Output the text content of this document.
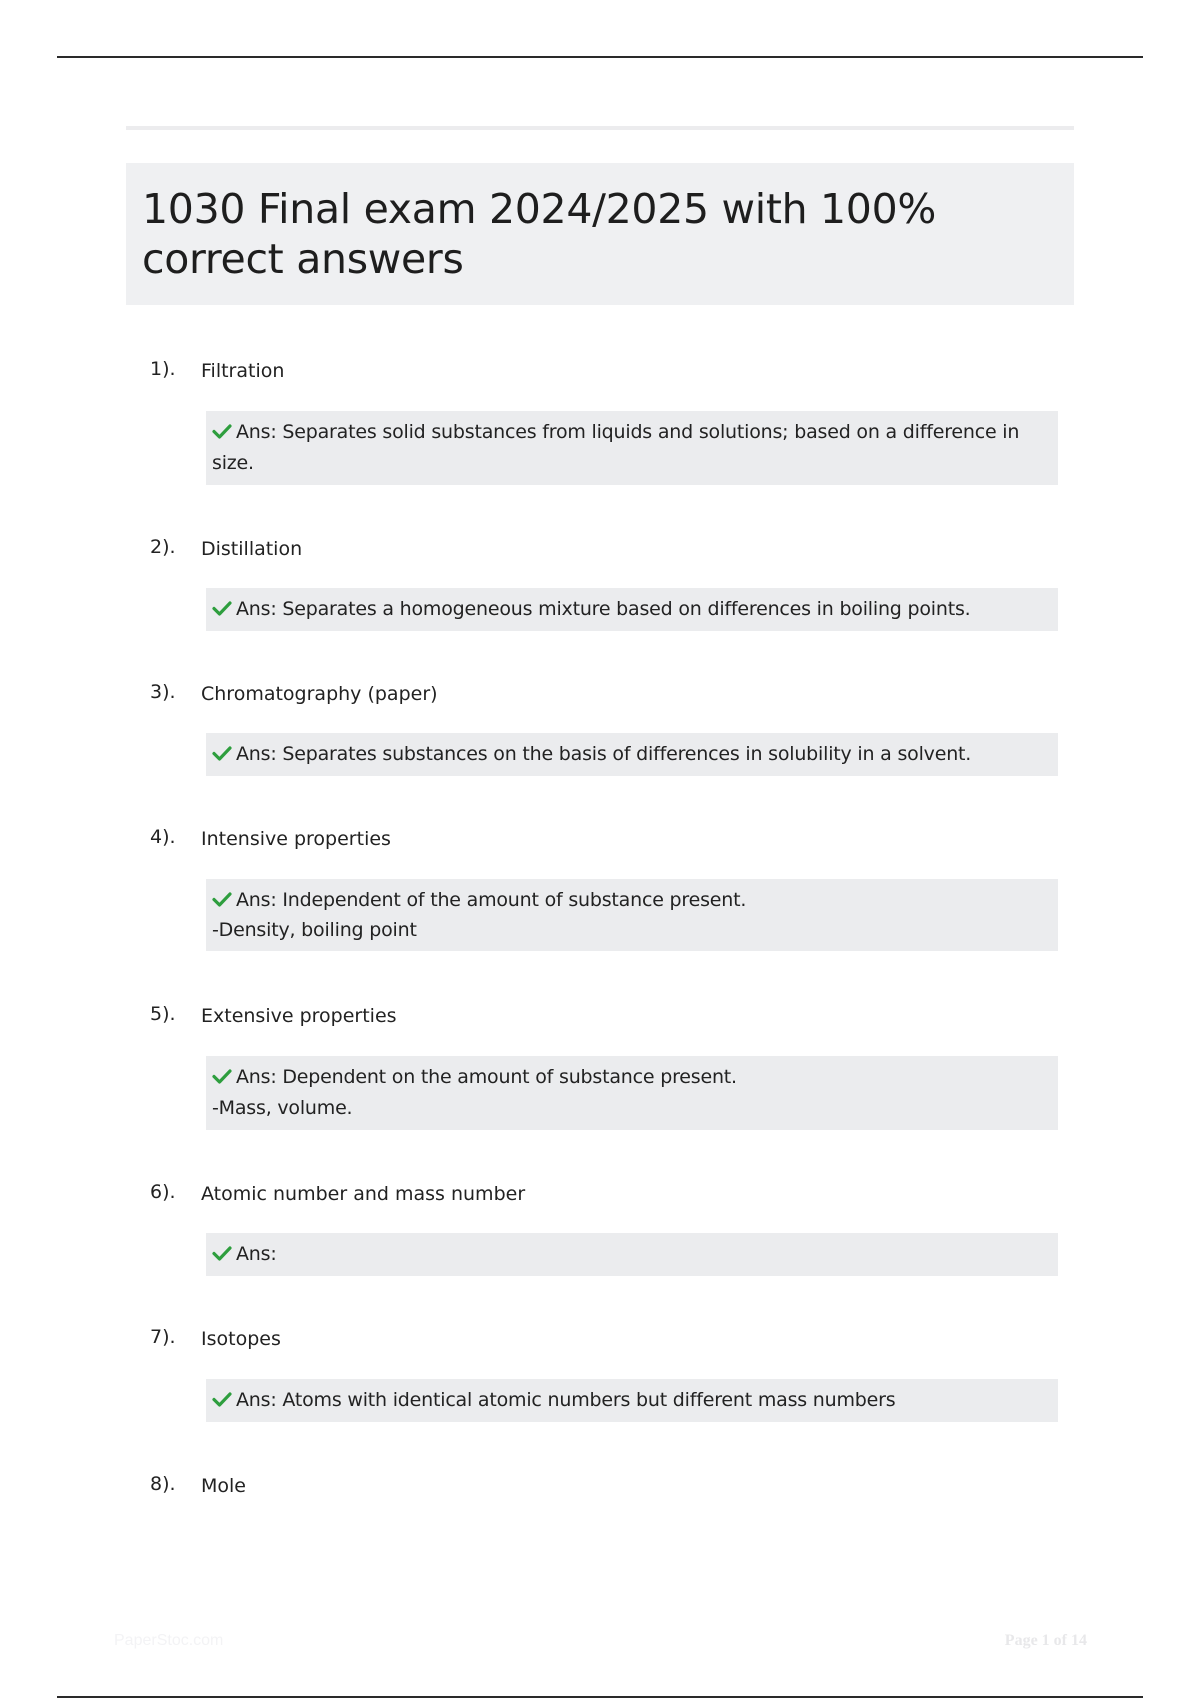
1030 Final exam 2024/2025 with 100% correct answers
1). Filtration
Ans: Separates solid substances from liquids and solutions; based on a difference in
size.
2). Distillation
Ans: Separates a homogeneous mixture based on differences in boiling points.
3). Chromatography (paper)
Ans: Separates substances on the basis of differences in solubility in a solvent.
4). Intensive properties
Ans: Independent of the amount of substance present.
-Density, boiling point
5). Extensive properties
Ans: Dependent on the amount of substance present.
-Mass, volume.
6). Atomic number and mass number
Ans:
7). Isotopes
Ans: Atoms with identical atomic numbers but different mass numbers
8). Mole
PaperStoc.com	Page 1 of 14
